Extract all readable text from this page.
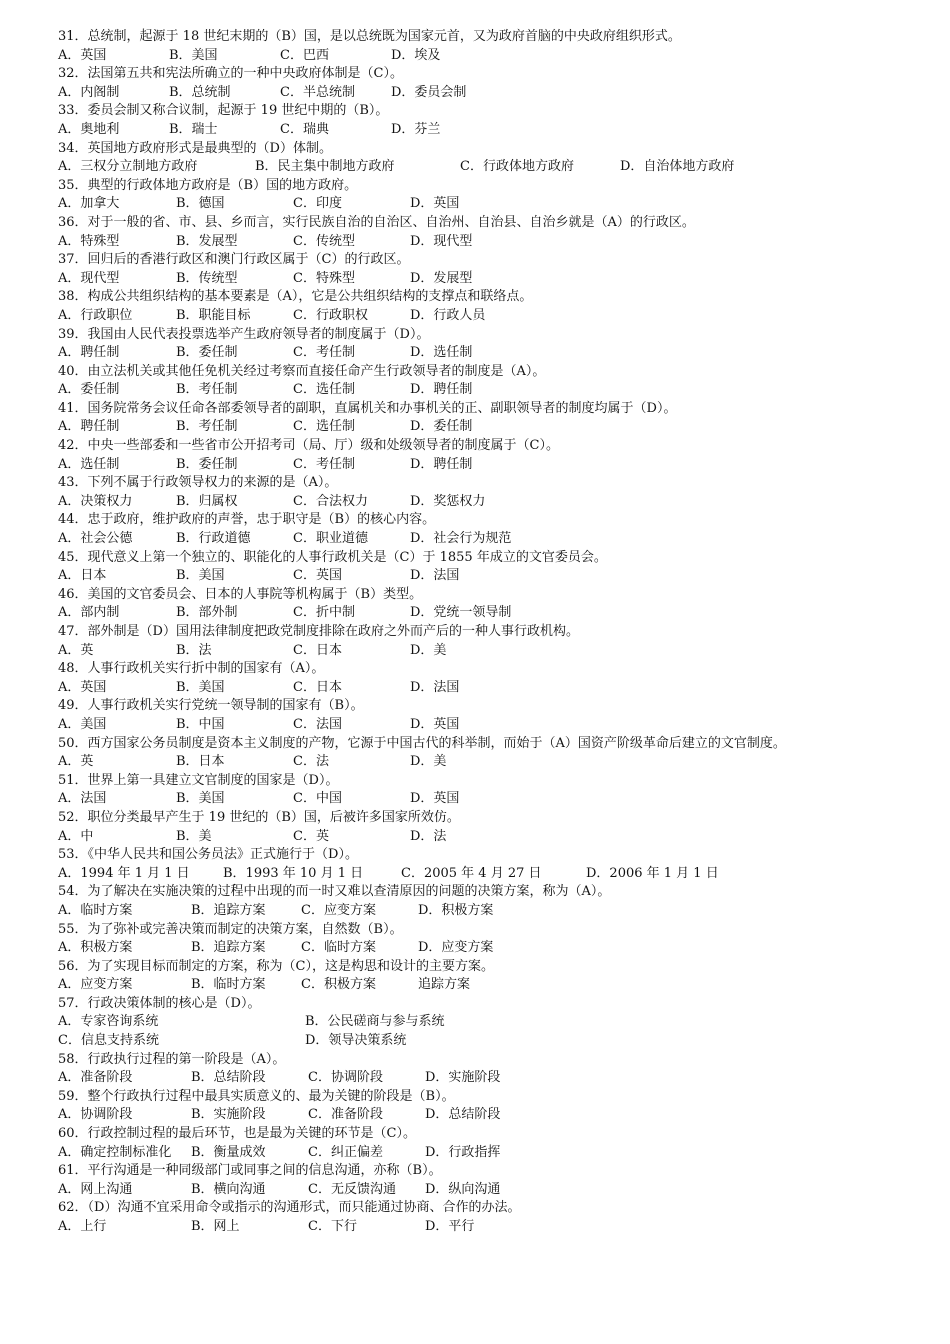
31．总统制，起源于 18 世纪末期的（B）国，是以总统既为国家元首，又为政府首脑的中央政府组织形式。
A．英国	B．美国	C．巴西	D．埃及
32．法国第五共和宪法所确立的一种中央政府体制是（C）。
A．内阁制	B．总统制	C．半总统制	D．委员会制
33．委员会制又称合议制，起源于 19 世纪中期的（B）。
A．奥地利	B．瑞士	C．瑞典	D．芬兰
34．英国地方政府形式是最典型的（D）体制。
A．三权分立制地方政府	B．民主集中制地方政府	C．行政体地方政府	D．自治体地方政府
35．典型的行政体地方政府是（B）国的地方政府。
A．加拿大	B．德国	C．印度	D．英国
36．对于一般的省、市、县、乡而言，实行民族自治的自治区、自治州、自治县、自治乡就是（A）的行政区。
A．特殊型	B．发展型	C．传统型	D．现代型
37．回归后的香港行政区和澳门行政区属于（C）的行政区。
A．现代型	B．传统型	C．特殊型	D．发展型
38．构成公共组织结构的基本要素是（A），它是公共组织结构的支撑点和联络点。
A．行政职位	B．职能目标	C．行政职权	D．行政人员
39．我国由人民代表投票选举产生政府领导者的制度属于（D）。
A．聘任制	B．委任制	C．考任制	D．选任制
40．由立法机关或其他任免机关经过考察而直接任命产生行政领导者的制度是（A）。
A．委任制	B．考任制	C．选任制	D．聘任制
41．国务院常务会议任命各部委领导者的副职，直属机关和办事机关的正、副职领导者的制度均属于（D）。
A．聘任制	B．考任制	C．选任制	D．委任制
42．中央一些部委和一些省市公开招考司（局、厅）级和处级领导者的制度属于（C）。
A．选任制	B．委任制	C．考任制	D．聘任制
43．下列不属于行政领导权力的来源的是（A）。
A．决策权力	B．归属权	C．合法权力	D．奖惩权力
44．忠于政府，维护政府的声誉，忠于职守是（B）的核心内容。
A．社会公德	B．行政道德	C．职业道德	D．社会行为规范
45．现代意义上第一个独立的、职能化的人事行政机关是（C）于 1855 年成立的文官委员会。
A．日本	B．美国	C．英国	D．法国
46．美国的文官委员会、日本的人事院等机构属于（B）类型。
A．部内制	B．部外制	C．折中制	D．党统一领导制
47．部外制是（D）国用法律制度把政党制度排除在政府之外而产后的一种人事行政机构。
A．英	B．法	C．日本	D．美
48．人事行政机关实行折中制的国家有（A）。
A．英国	B．美国	C．日本	D．法国
49．人事行政机关实行党统一领导制的国家有（B）。
A．美国	B．中国	C．法国	D．英国
50．西方国家公务员制度是资本主义制度的产物，它源于中国古代的科举制，而始于（A）国资产阶级革命后建立的文官制度。
A．英	B．日本	C．法	D．美
51．世界上第一具建立文官制度的国家是（D）。
A．法国	B．美国	C．中国	D．英国
52．职位分类最早产生于 19 世纪的（B）国，后被许多国家所效仿。
A．中	B．美	C．英	D．法
53．《中华人民共和国公务员法》正式施行于（D）。
A．1994 年 1 月 1 日	B．1993 年 10 月 1 日	C．2005 年 4 月 27 日	D．2006 年 1 月 1 日
54．为了解决在实施决策的过程中出现的而一时又难以查清原因的问题的决策方案，称为（A）。
A．临时方案	B．追踪方案	C．应变方案	D．积极方案
55．为了弥补或完善决策而制定的决策方案，自然数（B）。
A．积极方案	B．追踪方案	C．临时方案	D．应变方案
56．为了实现目标而制定的方案，称为（C），这是构思和设计的主要方案。
A．应变方案	B．临时方案	C．积极方案	追踪方案
57．行政决策体制的核心是（D）。
A．专家咨询系统	B．公民磋商与参与系统
C．信息支持系统	D．领导决策系统
58．行政执行过程的第一阶段是（A）。
A．准备阶段	B．总结阶段	C．协调阶段	D．实施阶段
59．整个行政执行过程中最具实质意义的、最为关键的阶段是（B）。
A．协调阶段	B．实施阶段	C．准备阶段	D．总结阶段
60．行政控制过程的最后环节，也是最为关键的环节是（C）。
A．确定控制标准化 B．衡量成效	C．纠正偏差	D．行政指挥
61．平行沟通是一种同级部门或同事之间的信息沟通，亦称（B）。
A．网上沟通	B．横向沟通	C．无反馈沟通 D．纵向沟通
62．（D）沟通不宜采用命令或指示的沟通形式，而只能通过协商、合作的办法。
A．上行	B．网上	C．下行	D．平行
